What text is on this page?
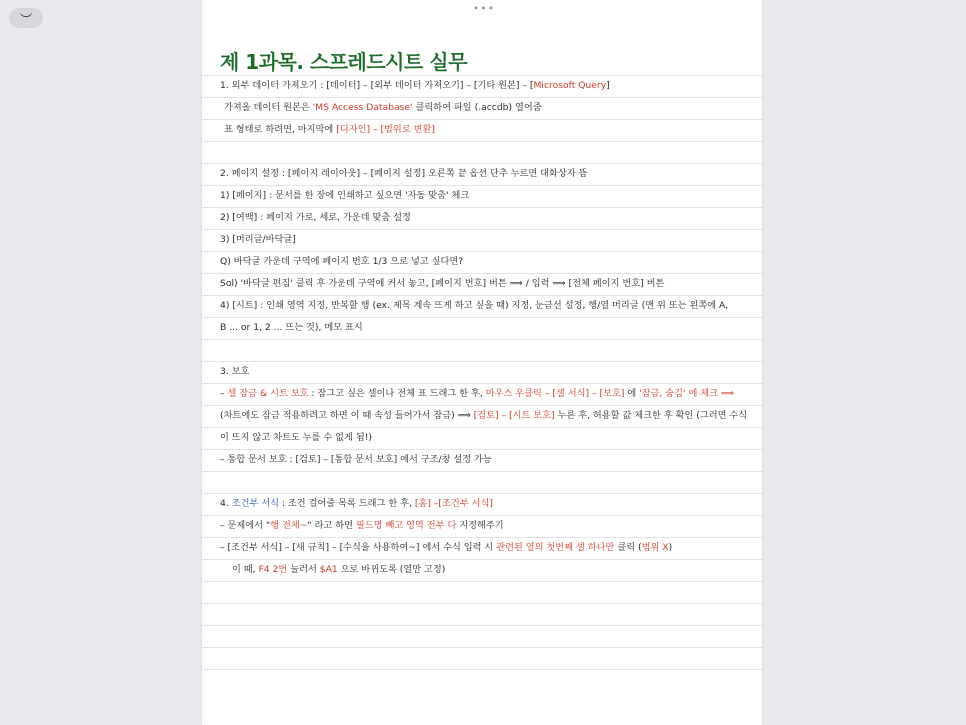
︶
•••
제 1과목. 스프레드시트 실무
1. 외부 데이터 가져오기 : [데이터] – [외부 데이터 가져오기] – [기타 원본] – [Microsoft Query]
가져올 데이터 원본은 'MS Access Database' 클릭하여 파일 (.accdb) 열어줌
표 형태로 하려면, 마지막에 [디자인] – [범위로 변환]
2. 페이지 설정 : [페이지 레이아웃] – [페이지 설정] 오른쪽 끝 옵션 단추 누르면 대화상자 뜸
1) [페이지] : 문서를 한 장에 인쇄하고 싶으면 '자동 맞춤' 체크
2) [여백] : 페이지 가로, 세로, 가운데 맞춤 설정
3) [머리글/바닥글]
Q) 바닥글 가운데 구역에 페이지 번호 1/3 으로 넣고 싶다면?
Sol) '바닥글 편집' 클릭 후 가운데 구역에 커서 놓고, [페이지 번호] 버튼 ⟹ / 입력 ⟹ [전체 페이지 번호] 버튼
4) [시트] : 인쇄 영역 지정, 반복할 행 (ex. 제목 계속 뜨게 하고 싶을 때) 지정, 눈금선 설정, 행/열 머리글 (맨 위 또는 왼쪽에 A,
B ... or 1, 2 ... 뜨는 것), 메모 표시
3. 보호
– 셀 잠금 & 시트 보호 : 잠그고 싶은 셀이나 전체 표 드래그 한 후, 마우스 우클릭 – [셀 서식] – [보호] 에 '잠금, 숨김' 에 체크 ⟹
(차트에도 잠금 적용하려고 하면 이 때 속성 들어가서 잠금) ⟹ [검토] – [시트 보호] 누른 후, 허용할 값 체크한 후 확인 (그러면 수식
이 뜨지 않고 차트도 누를 수 없게 됨!)
– 통합 문서 보호 : [검토] – [통합 문서 보호] 에서 구조/창 설정 가능
4. 조건부 서식 : 조건 걸어줄 목록 드래그 한 후, [홈] –[조건부 서식]
– 문제에서 "행 전체~" 라고 하면 필드명 빼고 영역 전부 다 지정해주기
– [조건부 서식] – [새 규칙] – [수식을 사용하여~] 에서 수식 입력 시 관련된 열의 첫번째 셀 하나만 클릭 (범위 X)
이 때, F4 2번 눌러서 $A1 으로 바뀌도록 (열만 고정)
